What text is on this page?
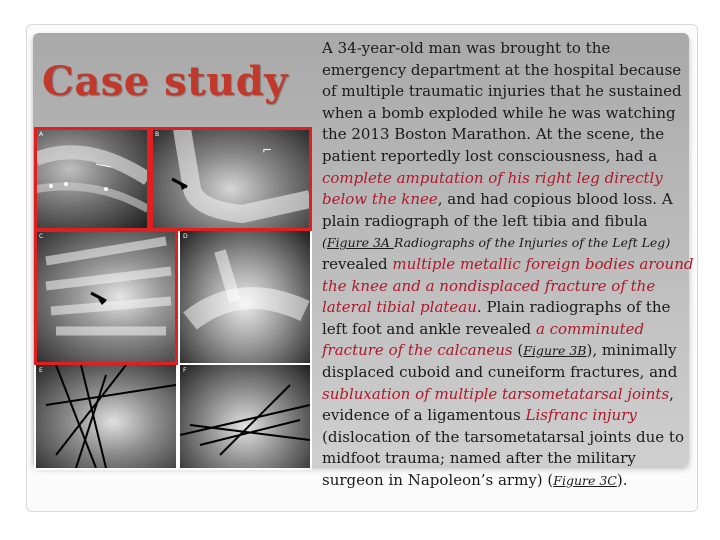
Case study
A
⌐
B
C	D
E	F
A 34-year-old man was brought to the
emergency department at the hospital because
of multiple traumatic injuries that he sustained
when a bomb exploded while he was watching
the 2013 Boston Marathon. At the scene, the
patient reportedly lost consciousness, had a
complete amputation of his right leg directly
below the knee, and had copious blood loss. A
plain radiograph of the left tibia and fibula
(Figure 3A Radiographs of the Injuries of the Left Leg)
revealed multiple metallic foreign bodies around
the knee and a nondisplaced fracture of the
lateral tibial plateau. Plain radiographs of the
left foot and ankle revealed a comminuted
fracture of the calcaneus (Figure 3B), minimally
displaced cuboid and cuneiform fractures, and
subluxation of multiple tarsometatarsal joints,
evidence of a ligamentous Lisfranc injury
(dislocation of the tarsometatarsal joints due to
midfoot trauma; named after the military
surgeon in Napoleon’s army) (Figure 3C).
